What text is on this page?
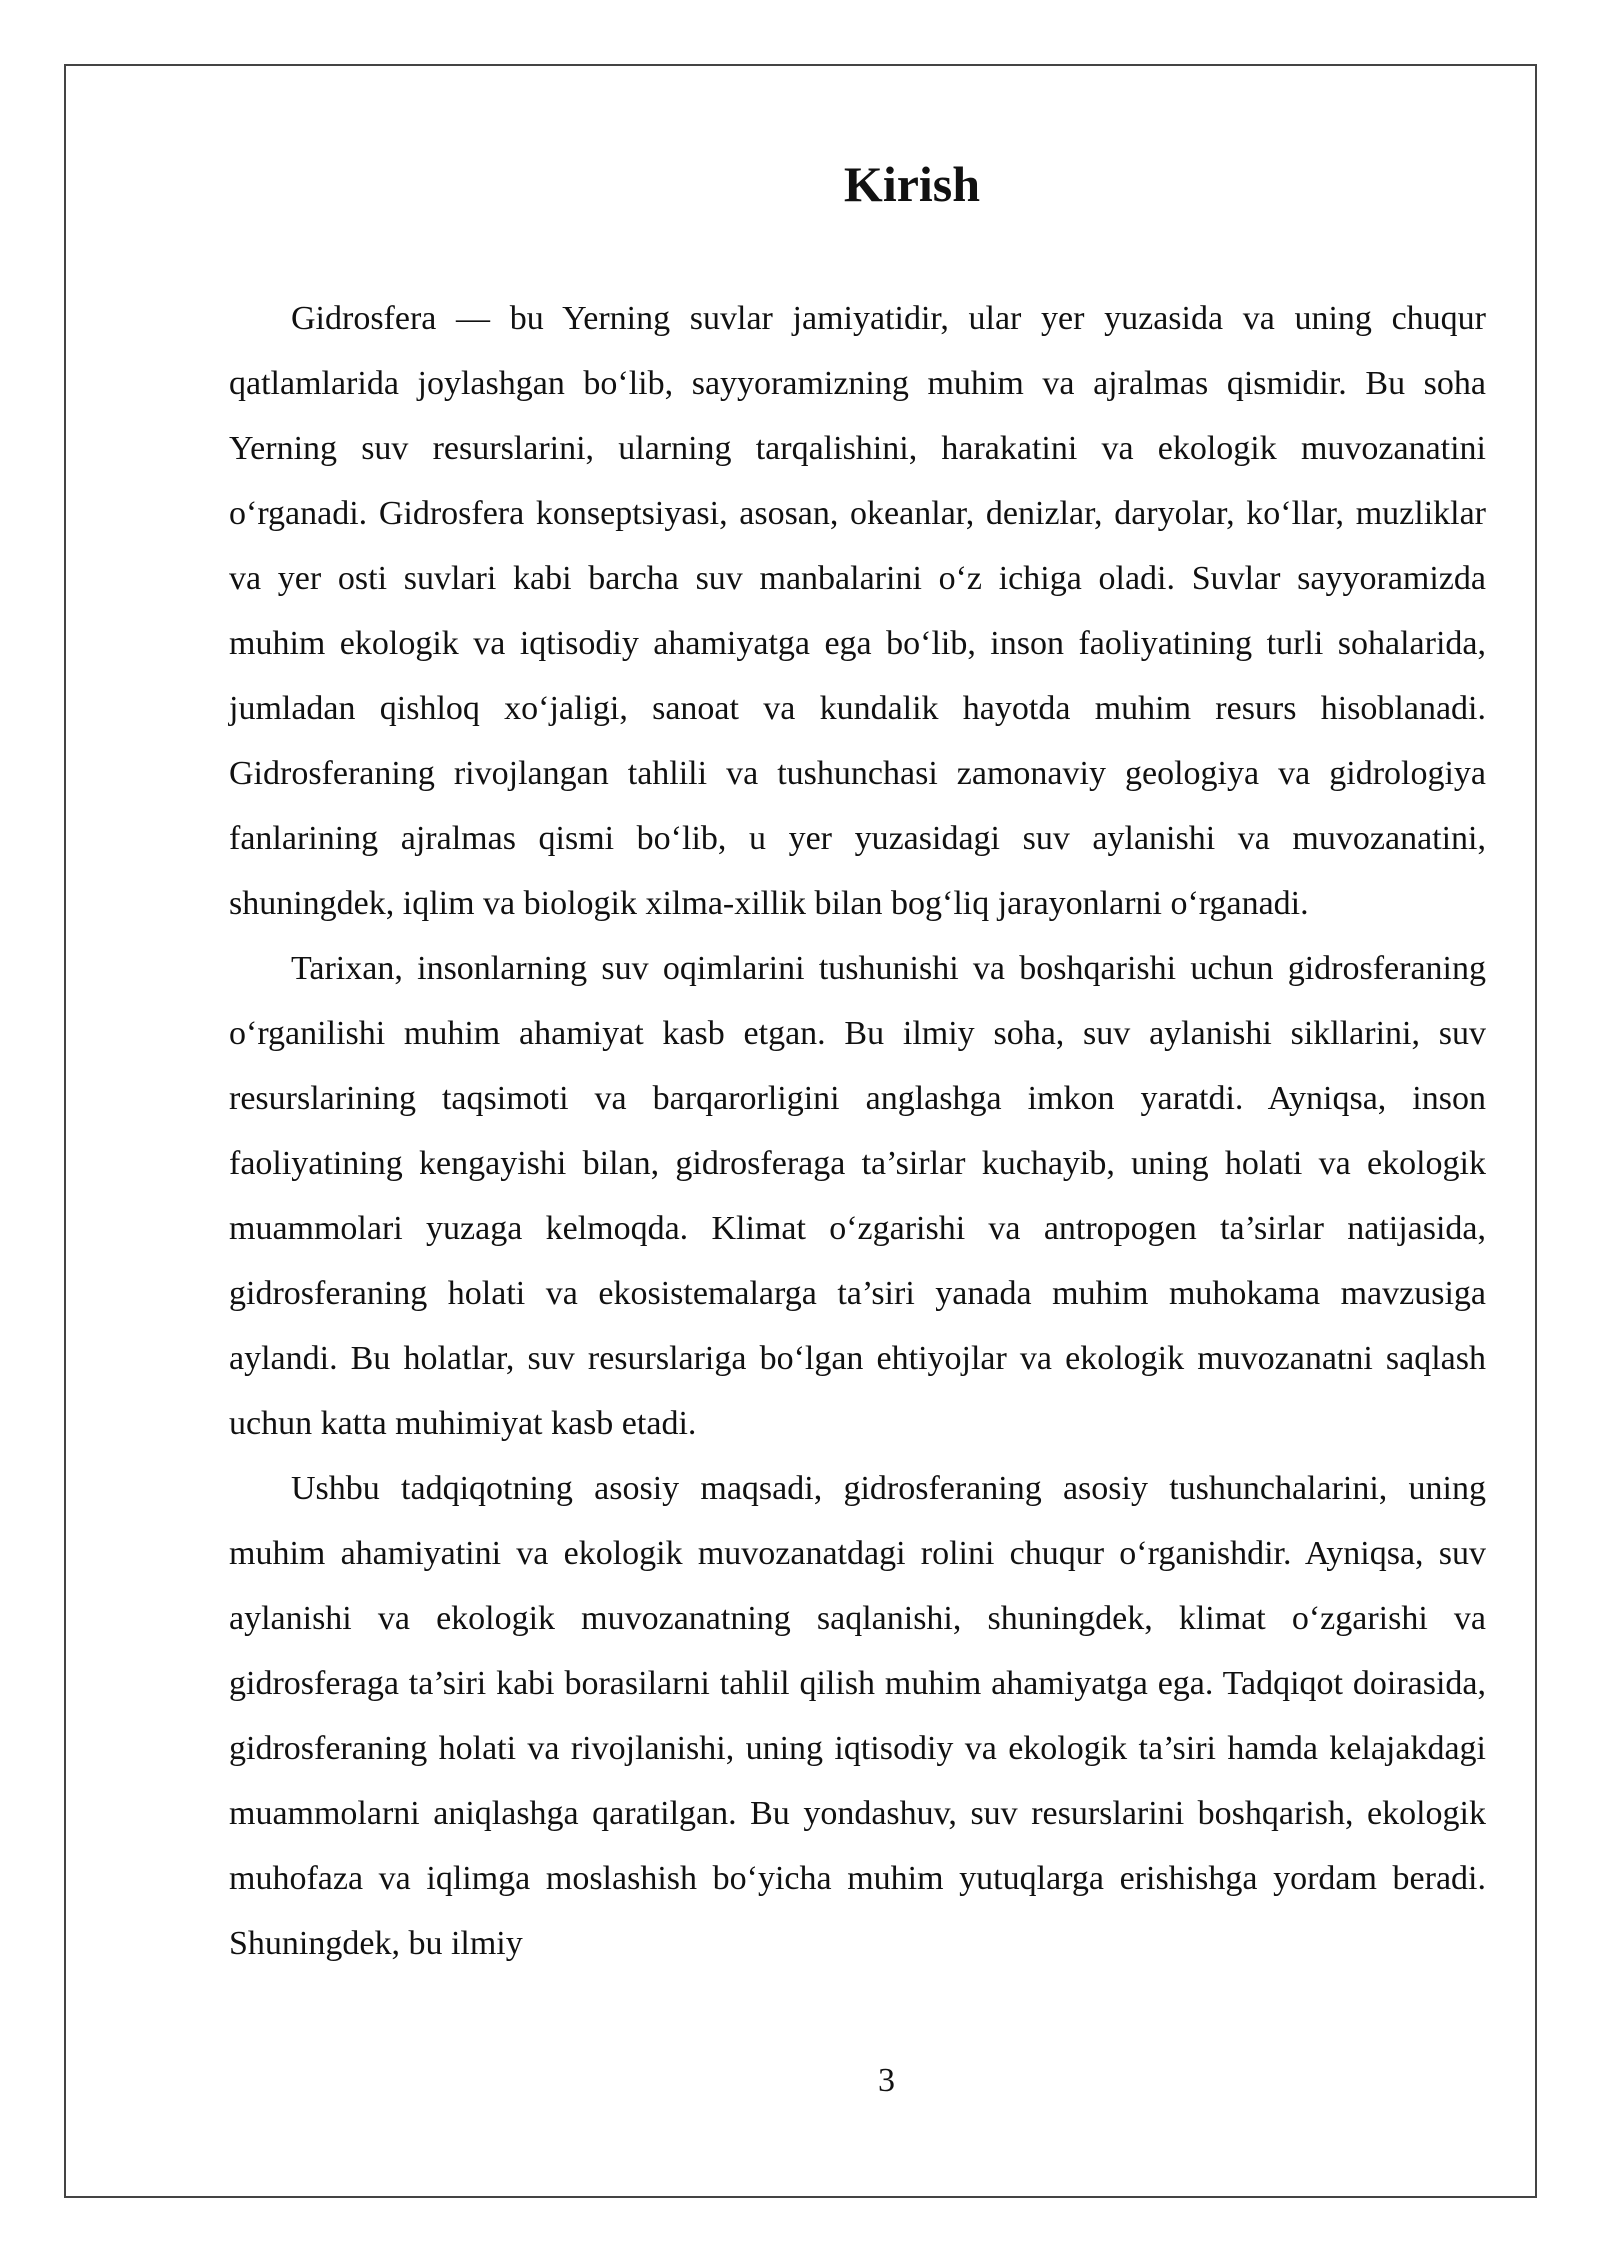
Kirish

Gidrosfera — bu Yerning suvlar jamiyatidir, ular yer yuzasida va uning chuqur qatlamlarida joylashgan bo‘lib, sayyoramizning muhim va ajralmas qismidir. Bu soha Yerning suv resurslarini, ularning tarqalishini, harakatini va ekologik muvozanatini o‘rganadi. Gidrosfera konseptsiyasi, asosan, okeanlar, denizlar, daryolar, ko‘llar, muzliklar va yer osti suvlari kabi barcha suv manbalarini o‘z ichiga oladi. Suvlar sayyoramizda muhim ekologik va iqtisodiy ahamiyatga ega bo‘lib, inson faoliyatining turli sohalarida, jumladan qishloq xo‘jaligi, sanoat va kundalik hayotda muhim resurs hisoblanadi. Gidrosferaning rivojlangan tahlili va tushunchasi zamonaviy geologiya va gidrologiya fanlarining ajralmas qismi bo‘lib, u yer yuzasidagi suv aylanishi va muvozanatini, shuningdek, iqlim va biologik xilma-xillik bilan bog‘liq jarayonlarni o‘rganadi.

Tarixan, insonlarning suv oqimlarini tushunishi va boshqarishi uchun gidrosferaning o‘rganilishi muhim ahamiyat kasb etgan. Bu ilmiy soha, suv aylanishi sikllarini, suv resurslarining taqsimoti va barqarorligini anglashga imkon yaratdi. Ayniqsa, inson faoliyatining kengayishi bilan, gidrosferaga ta’sirlar kuchayib, uning holati va ekologik muammolari yuzaga kelmoqda. Klimat o‘zgarishi va antropogen ta’sirlar natijasida, gidrosferaning holati va ekosistemalarga ta’siri yanada muhim muhokama mavzusiga aylandi. Bu holatlar, suv resurslariga bo‘lgan ehtiyojlar va ekologik muvozanatni saqlash uchun katta muhimiyat kasb etadi.

Ushbu tadqiqotning asosiy maqsadi, gidrosferaning asosiy tushunchalarini, uning muhim ahamiyatini va ekologik muvozanatdagi rolini chuqur o‘rganishdir. Ayniqsa, suv aylanishi va ekologik muvozanatning saqlanishi, shuningdek, klimat o‘zgarishi va gidrosferaga ta’siri kabi borasilarni tahlil qilish muhim ahamiyatga ega. Tadqiqot doirasida, gidrosferaning holati va rivojlanishi, uning iqtisodiy va ekologik ta’siri hamda kelajakdagi muammolarni aniqlashga qaratilgan. Bu yondashuv, suv resurslarini boshqarish, ekologik muhofaza va iqlimga moslashish bo‘yicha muhim yutuqlarga erishishga yordam beradi. Shuningdek, bu ilmiy

3
